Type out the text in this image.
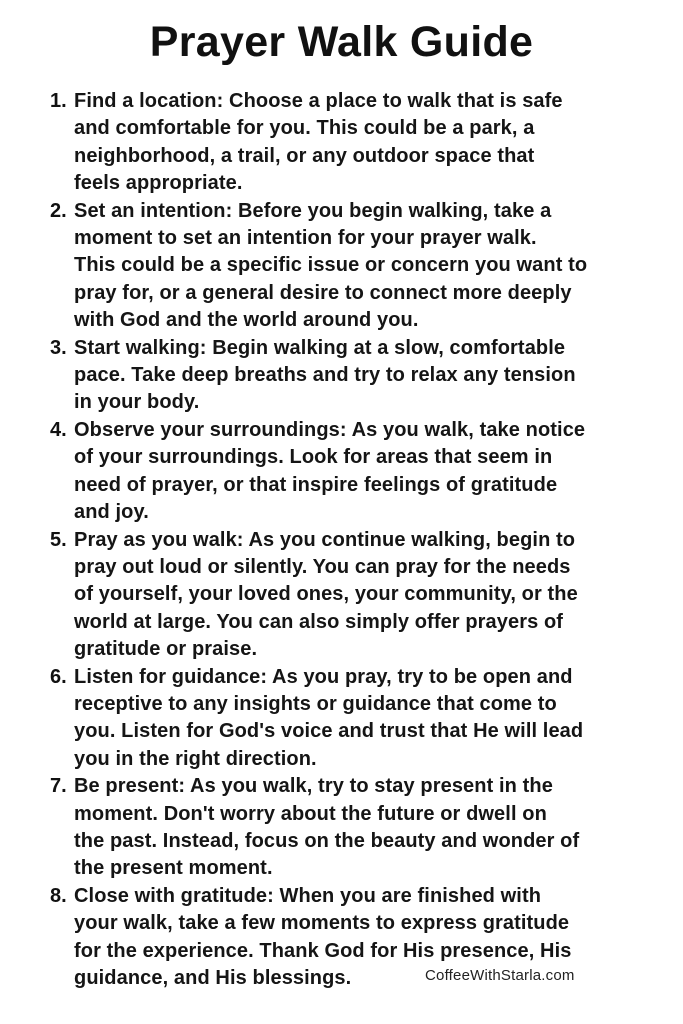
Prayer Walk Guide
1. Find a location: Choose a place to walk that is safe
and comfortable for you. This could be a park, a
neighborhood, a trail, or any outdoor space that
feels appropriate.
2. Set an intention: Before you begin walking, take a
moment to set an intention for your prayer walk.
This could be a specific issue or concern you want to
pray for, or a general desire to connect more deeply
with God and the world around you.
3. Start walking: Begin walking at a slow, comfortable
pace. Take deep breaths and try to relax any tension
in your body.
4. Observe your surroundings: As you walk, take notice
of your surroundings. Look for areas that seem in
need of prayer, or that inspire feelings of gratitude
and joy.
5. Pray as you walk: As you continue walking, begin to
pray out loud or silently. You can pray for the needs
of yourself, your loved ones, your community, or the
world at large. You can also simply offer prayers of
gratitude or praise.
6. Listen for guidance: As you pray, try to be open and
receptive to any insights or guidance that come to
you. Listen for God's voice and trust that He will lead
you in the right direction.
7. Be present: As you walk, try to stay present in the
moment. Don't worry about the future or dwell on
the past. Instead, focus on the beauty and wonder of
the present moment.
8. Close with gratitude: When you are finished with
your walk, take a few moments to express gratitude
for the experience. Thank God for His presence, His
guidance, and His blessings.	CoffeeWithStarla.com
